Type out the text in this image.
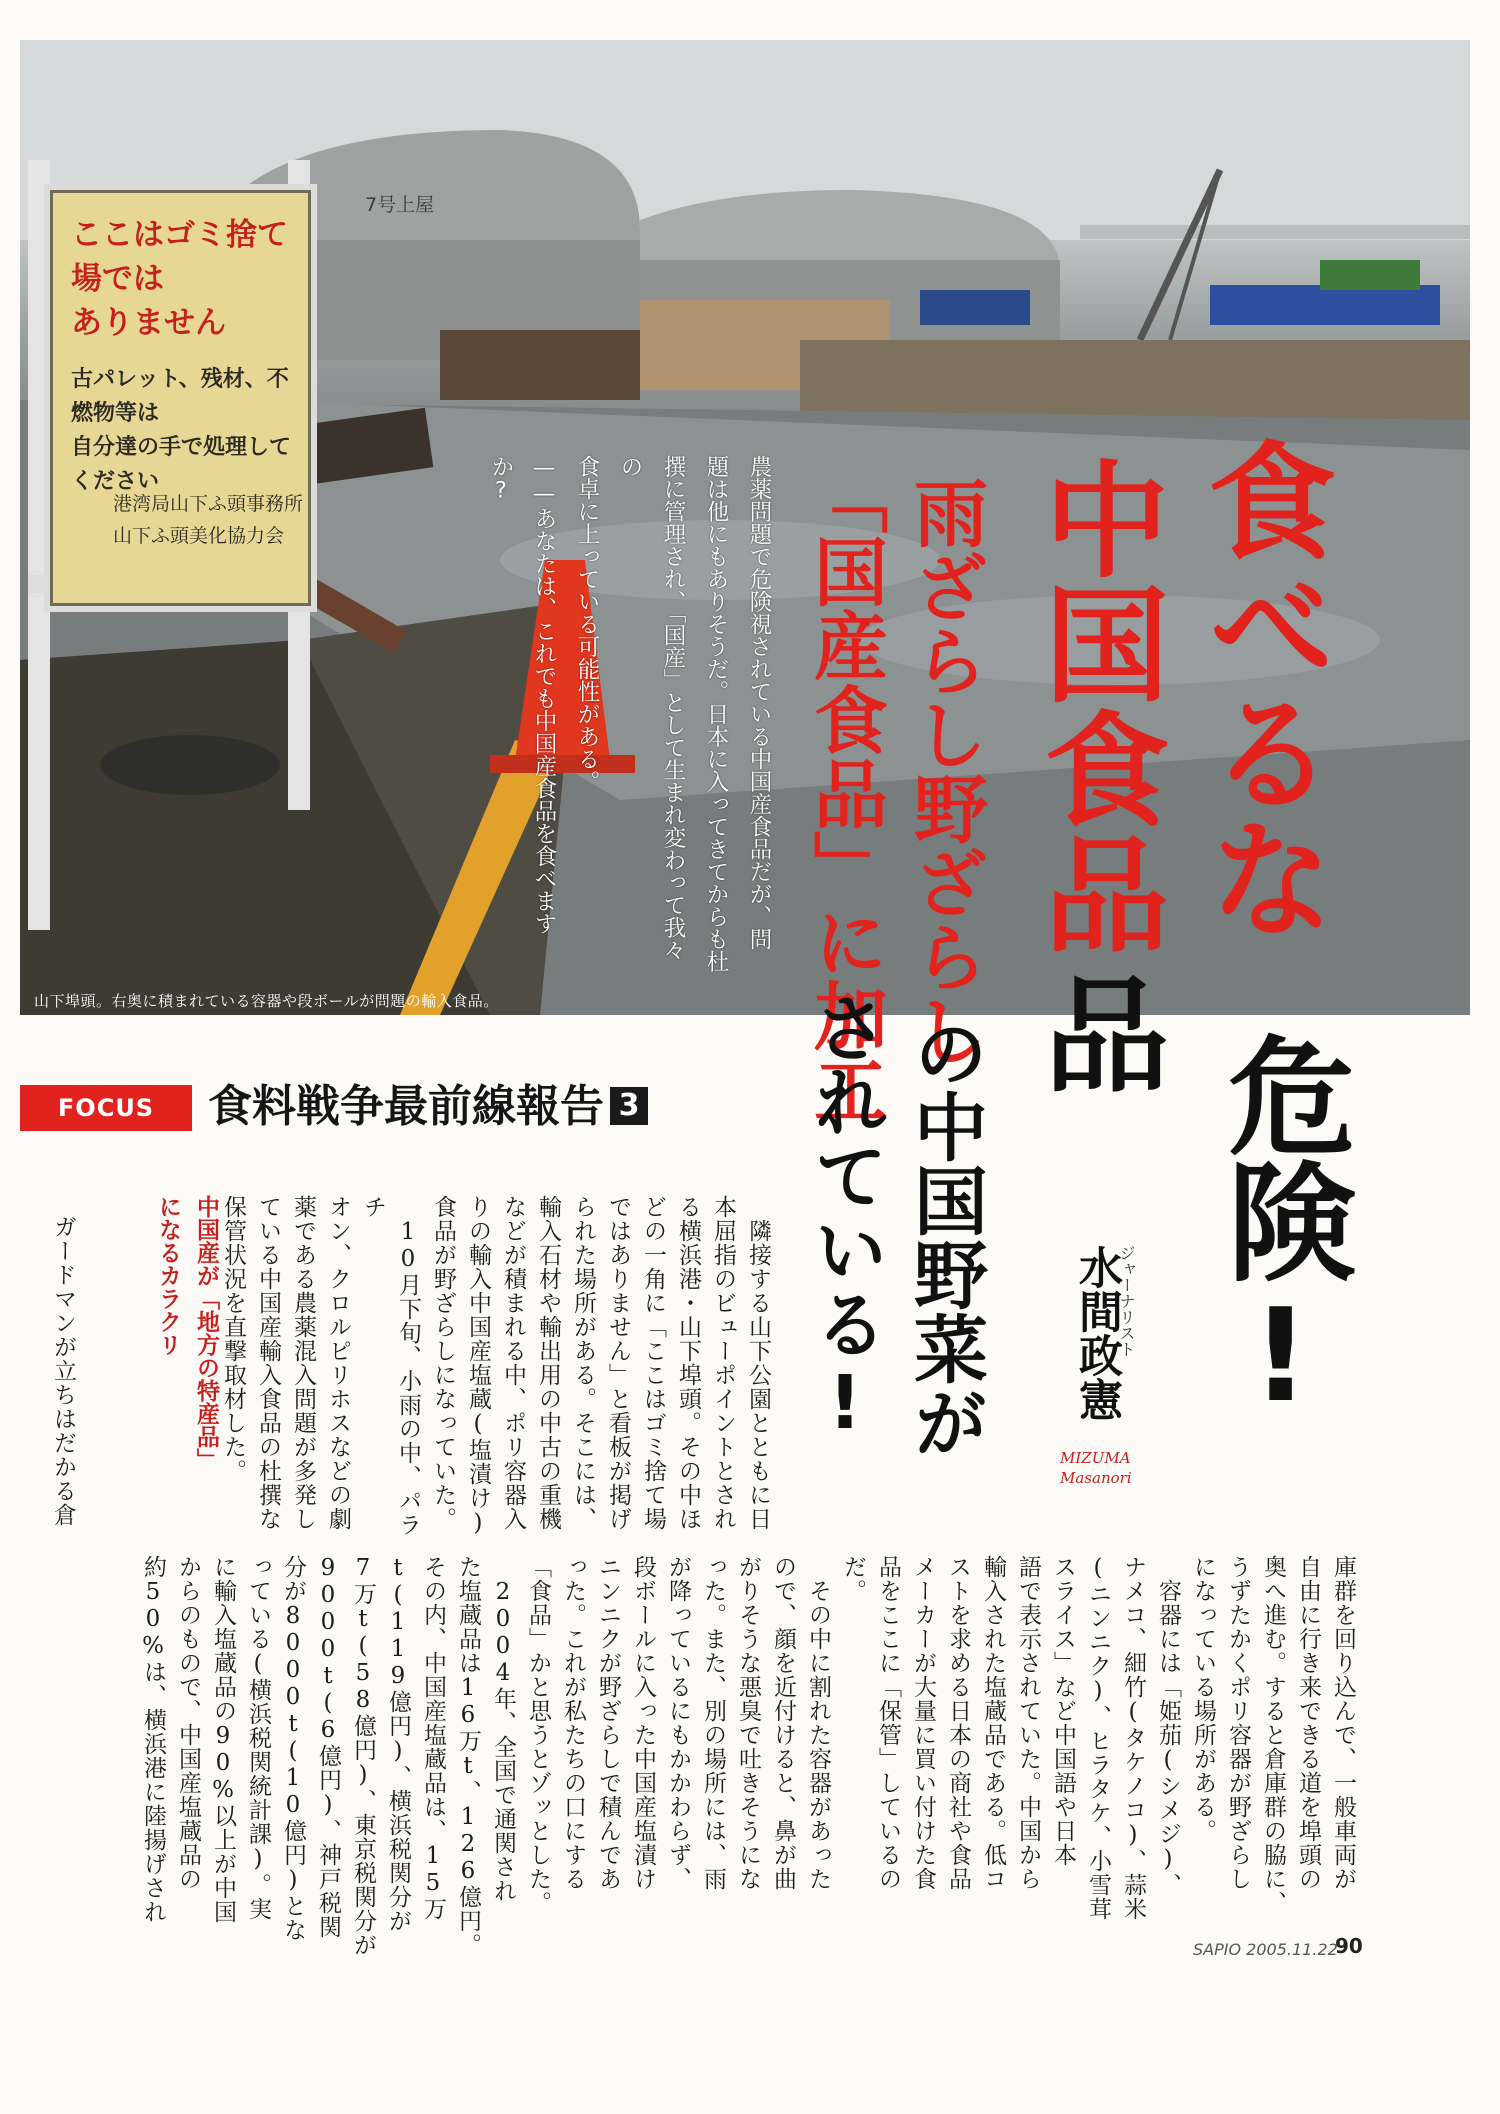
ここはゴミ捨て場では
ありません
古パレット、残材、不燃物等は
自分達の手で処理してください
港湾局山下ふ頭事務所
山下ふ頭美化協力会
7号上屋
山下埠頭。右奥に積まれている容器や段ボールが問題の輸入食品。
農薬問題で危険視されている中国産食品だが、問
題は他にもありそうだ。日本に入ってきてからも杜
撰に管理され、「国産」として生まれ変わって我々の
食卓に上っている可能性がある。
——あなたは、これでも中国産食品を食べますか?	食べるな
危険!
中国食品
品
雨ざらし野ざらし
の中国野菜が
「国産食品」に加工
されている!	ジャーナリスト
水間政憲
MIZUMA
Masanori
FOCUS	食料戦争最前線報告 3
　隣接する山下公園とともに日
本屈指のビューポイントとされ
る横浜港・山下埠頭。その中ほ
どの一角に「ここはゴミ捨て場
ではありません」と看板が掲げ
られた場所がある。そこには、
輸入石材や輸出用の中古の重機
などが積まれる中、ポリ容器入
りの輸入中国産塩蔵(塩漬け)
食品が野ざらしになっていた。
　10月下旬、小雨の中、パラチ
オン、クロルピリホスなどの劇
薬である農薬混入問題が多発し
ている中国産輸入食品の杜撰な
保管状況を直撃取材した。
中国産が「地方の特産品」
になるカラクリ
ガードマンが立ちはだかる倉
庫群を回り込んで、一般車両が
自由に行き来できる道を埠頭の
奥へ進む。すると倉庫群の脇に、
うずたかくポリ容器が野ざらし
になっている場所がある。
　容器には「姫茄(シメジ)、
ナメコ、細竹(タケノコ)、蒜米
(ニンニク)、ヒラタケ、小雪茸
スライス」など中国語や日本
語で表示されていた。中国から
輸入された塩蔵品である。低コ
ストを求める日本の商社や食品
メーカーが大量に買い付けた食
品をここに「保管」しているの
だ。
　その中に割れた容器があった
ので、顔を近付けると、鼻が曲
がりそうな悪臭で吐きそうにな
った。また、別の場所には、雨
が降っているにもかかわらず、
段ボールに入った中国産塩漬け
ニンニクが野ざらしで積んであ
った。これが私たちの口にする
「食品」かと思うとゾッとした。
　2004年、全国で通関され
た塩蔵品は16万t、126億円。
その内、中国産塩蔵品は、15万
t(119億円)、横浜税関分が
7万t(58億円)、東京税関分が
9000t(6億円)、神戸税関
分が8000t(10億円)とな
っている(横浜税関統計課)。実
に輸入塩蔵品の90%以上が中国
からのもので、中国産塩蔵品の
約50%は、横浜港に陸揚げされ
SAPIO 2005.11.22
90
